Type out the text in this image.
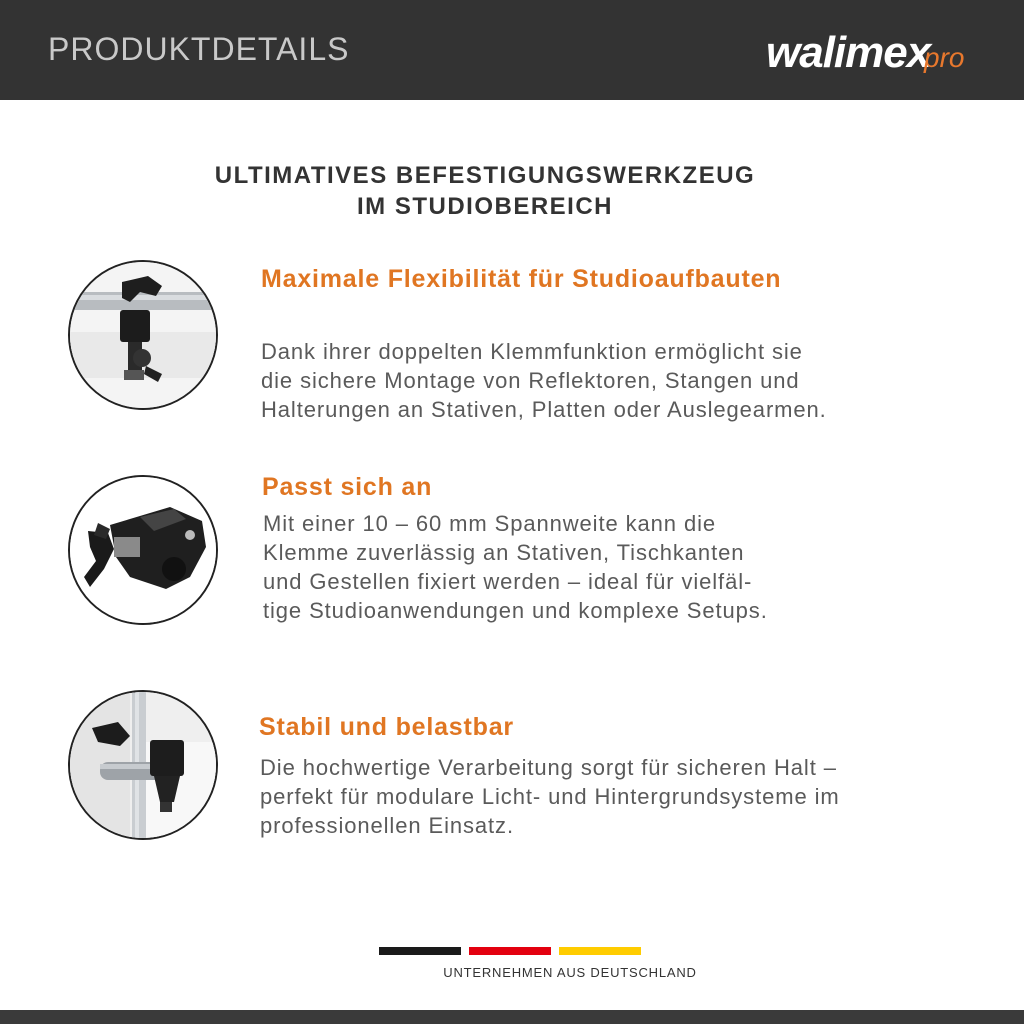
PRODUKTDETAILS	walimex
pro
ULTIMATIVES BEFESTIGUNGSWERKZEUG
IM STUDIOBEREICH
Maximale Flexibilität für Studioaufbauten
Dank ihrer doppelten Klemmfunktion ermöglicht sie
die sichere Montage von Reflektoren, Stangen und
Halterungen an Stativen, Platten oder Auslegearmen.
Passt sich an
Mit einer 10 – 60 mm Spannweite kann die
Klemme zuverlässig an Stativen, Tischkanten
und Gestellen fixiert werden – ideal für vielfäl-
tige Studioanwendungen und komplexe Setups.
Stabil und belastbar
Die hochwertige Verarbeitung sorgt für sicheren Halt –
perfekt für modulare Licht- und Hintergrundsysteme im
professionellen Einsatz.
UNTERNEHMEN AUS DEUTSCHLAND
